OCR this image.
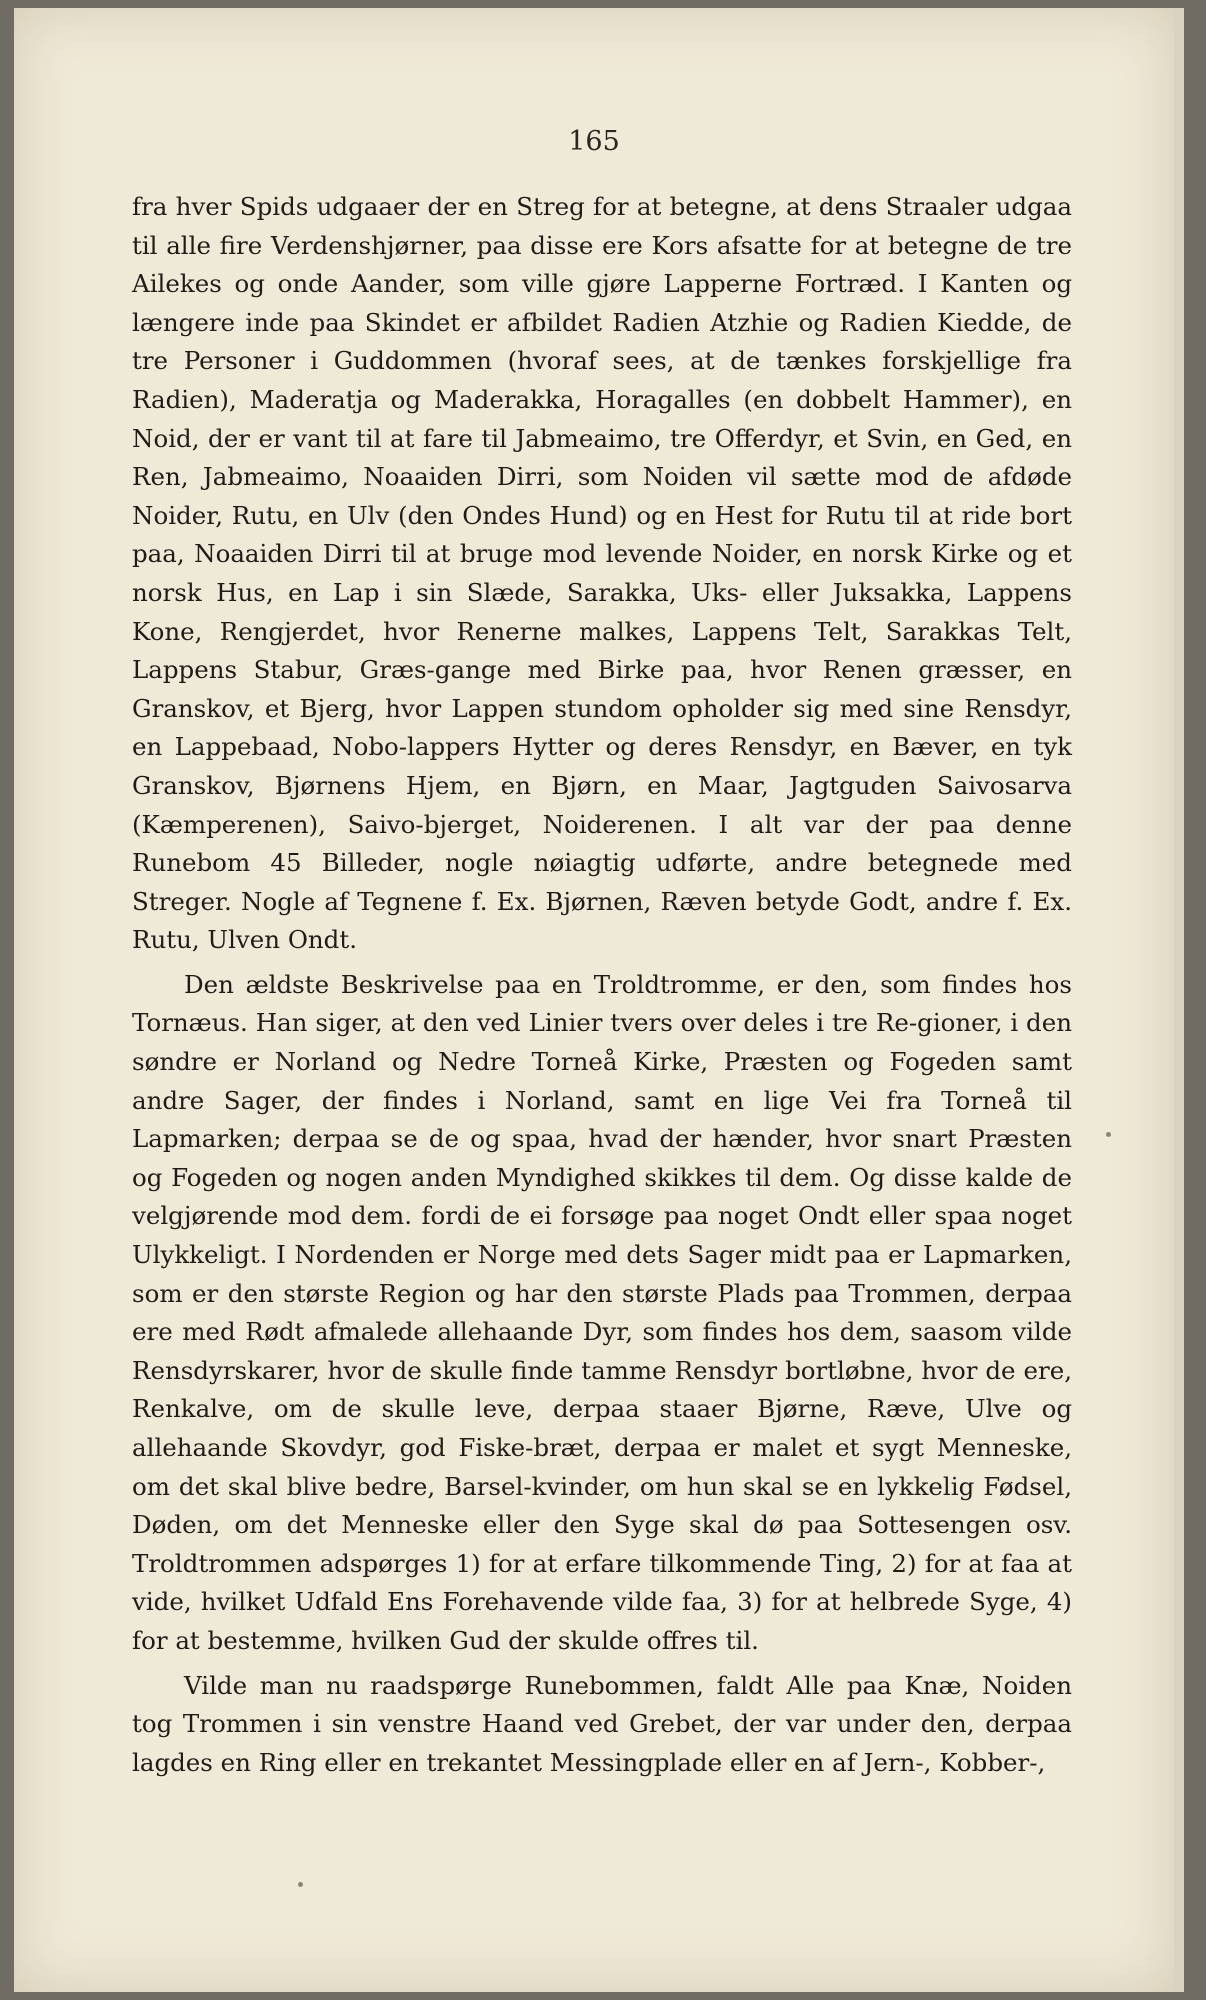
165

fra hver Spids udgaaer der en Streg for at betegne, at dens Straaler udgaa til alle fire Verdenshjørner, paa disse ere Kors afsatte for at betegne de tre Ailekes og onde Aander, som ville gjøre Lapperne Fortræd. I Kanten og længere inde paa Skindet er afbildet Radien Atzhie og Radien Kiedde, de tre Personer i Guddommen (hvoraf sees, at de tænkes forskjellige fra Radien), Maderatja og Maderakka, Horagalles (en dobbelt Hammer), en Noid, der er vant til at fare til Jabmeaimo, tre Offerdyr, et Svin, en Ged, en Ren, Jabmeaimo, Noaaiden Dirri, som Noiden vil sætte mod de afdøde Noider, Rutu, en Ulv (den Ondes Hund) og en Hest for Rutu til at ride bort paa, Noaaiden Dirri til at bruge mod levende Noider, en norsk Kirke og et norsk Hus, en Lap i sin Slæde, Sarakka, Uks- eller Juksakka, Lappens Kone, Rengjerdet, hvor Renerne malkes, Lappens Telt, Sarakkas Telt, Lappens Stabur, Græs-gange med Birke paa, hvor Renen græsser, en Granskov, et Bjerg, hvor Lappen stundom opholder sig med sine Rensdyr, en Lappebaad, Nobo-lappers Hytter og deres Rensdyr, en Bæver, en tyk Granskov, Bjørnens Hjem, en Bjørn, en Maar, Jagtguden Saivosarva (Kæmperenen), Saivo-bjerget, Noiderenen. I alt var der paa denne Runebom 45 Billeder, nogle nøiagtig udførte, andre betegnede med Streger. Nogle af Tegnene f. Ex. Bjørnen, Ræven betyde Godt, andre f. Ex. Rutu, Ulven Ondt.

Den ældste Beskrivelse paa en Troldtromme, er den, som findes hos Tornæus. Han siger, at den ved Linier tvers over deles i tre Re-gioner, i den søndre er Norland og Nedre Torneå Kirke, Præsten og Fogeden samt andre Sager, der findes i Norland, samt en lige Vei fra Torneå til Lapmarken; derpaa se de og spaa, hvad der hænder, hvor snart Præsten og Fogeden og nogen anden Myndighed skikkes til dem. Og disse kalde de velgjørende mod dem. fordi de ei forsøge paa noget Ondt eller spaa noget Ulykkeligt. I Nordenden er Norge med dets Sager midt paa er Lapmarken, som er den største Region og har den største Plads paa Trommen, derpaa ere med Rødt afmalede allehaande Dyr, som findes hos dem, saasom vilde Rensdyrskarer, hvor de skulle finde tamme Rensdyr bortløbne, hvor de ere, Renkalve, om de skulle leve, derpaa staaer Bjørne, Ræve, Ulve og allehaande Skovdyr, god Fiske-bræt, derpaa er malet et sygt Menneske, om det skal blive bedre, Barsel-kvinder, om hun skal se en lykkelig Fødsel, Døden, om det Menneske eller den Syge skal dø paa Sottesengen osv. Troldtrommen adspørges 1) for at erfare tilkommende Ting, 2) for at faa at vide, hvilket Udfald Ens Forehavende vilde faa, 3) for at helbrede Syge, 4) for at bestemme, hvilken Gud der skulde offres til.

Vilde man nu raadspørge Runebommen, faldt Alle paa Knæ, Noiden tog Trommen i sin venstre Haand ved Grebet, der var under den, derpaa lagdes en Ring eller en trekantet Messingplade eller en af Jern-, Kobber-,
